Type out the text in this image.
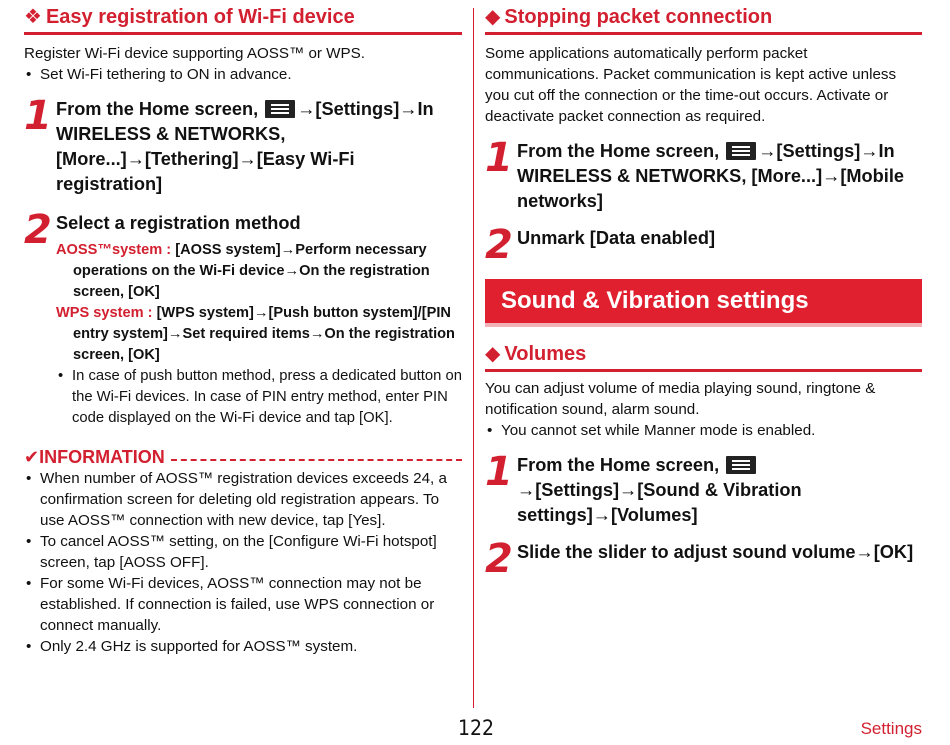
❖ Easy registration of Wi-Fi device

Register Wi-Fi device supporting AOSS™ or WPS.

• Set Wi-Fi tethering to ON in advance.
1 From the Home screen, →[Settings]→In WIRELESS & NETWORKS, [More...]→[Tethering]→[Easy Wi-Fi registration]
2 Select a registration method
AOSS™system : [AOSS system]→Perform necessary operations on the Wi-Fi device→On the registration screen, [OK]
WPS system : [WPS system]→[Push button system]/[PIN entry system]→Set required items→On the registration screen, [OK]
• In case of push button method, press a dedicated button on the Wi-Fi devices. In case of PIN entry method, enter PIN code displayed on the Wi-Fi device and tap [OK].
✔INFORMATION
• When number of AOSS™ registration devices exceeds 24, a confirmation screen for deleting old registration appears. To use AOSS™ connection with new device, tap [Yes].
• To cancel AOSS™ setting, on the [Configure Wi-Fi hotspot] screen, tap [AOSS OFF].
• For some Wi-Fi devices, AOSS™ connection may not be established. If connection is failed, use WPS connection or connect manually.
• Only 2.4 GHz is supported for AOSS™ system.
◆ Stopping packet connection

Some applications automatically perform packet communications. Packet communication is kept active unless you cut off the connection or the time-out occurs. Activate or deactivate packet connection as required.

1 From the Home screen, →[Settings]→In WIRELESS & NETWORKS, [More...]→[Mobile networks]
2 Unmark [Data enabled]
Sound & Vibration settings
◆ Volumes

You can adjust volume of media playing sound, ringtone & notification sound, alarm sound.

• You cannot set while Manner mode is enabled.
1 From the Home screen,
→[Settings]→[Sound & Vibration settings]→[Volumes]
2 Slide the slider to adjust sound volume→[OK]
122	Settings
